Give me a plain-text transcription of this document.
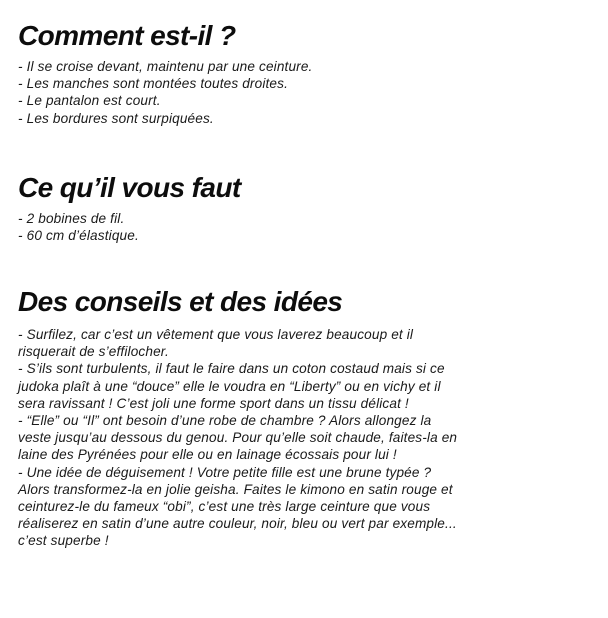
Comment est-il ?
- Il se croise devant, maintenu par une ceinture.
- Les manches sont montées toutes droites.
- Le pantalon est court.
- Les bordures sont surpiquées.
Ce qu’il vous faut
- 2 bobines de fil.
- 60 cm d’élastique.
Des conseils et des idées
- Surfilez, car c’est un vêtement que vous laverez beaucoup et il risquerait de s’effilocher.
- S’ils sont turbulents, il faut le faire dans un coton costaud mais si ce judoka plaît à une “douce” elle le voudra en “Liberty” ou en vichy et il sera ravissant ! C’est joli une forme sport dans un tissu délicat !
- “Elle” ou “Il” ont besoin d’une robe de chambre ? Alors allongez la veste jusqu’au dessous du genou. Pour qu’elle soit chaude, faites-la en laine des Pyrénées pour elle ou en lainage écossais pour lui !
- Une idée de déguisement ! Votre petite fille est une brune typée ? Alors transformez-la en jolie geisha. Faites le kimono en satin rouge et ceinturez-le du fameux “obi”, c’est une très large ceinture que vous réaliserez en satin d’une autre couleur, noir, bleu ou vert par exemple... c’est superbe !
